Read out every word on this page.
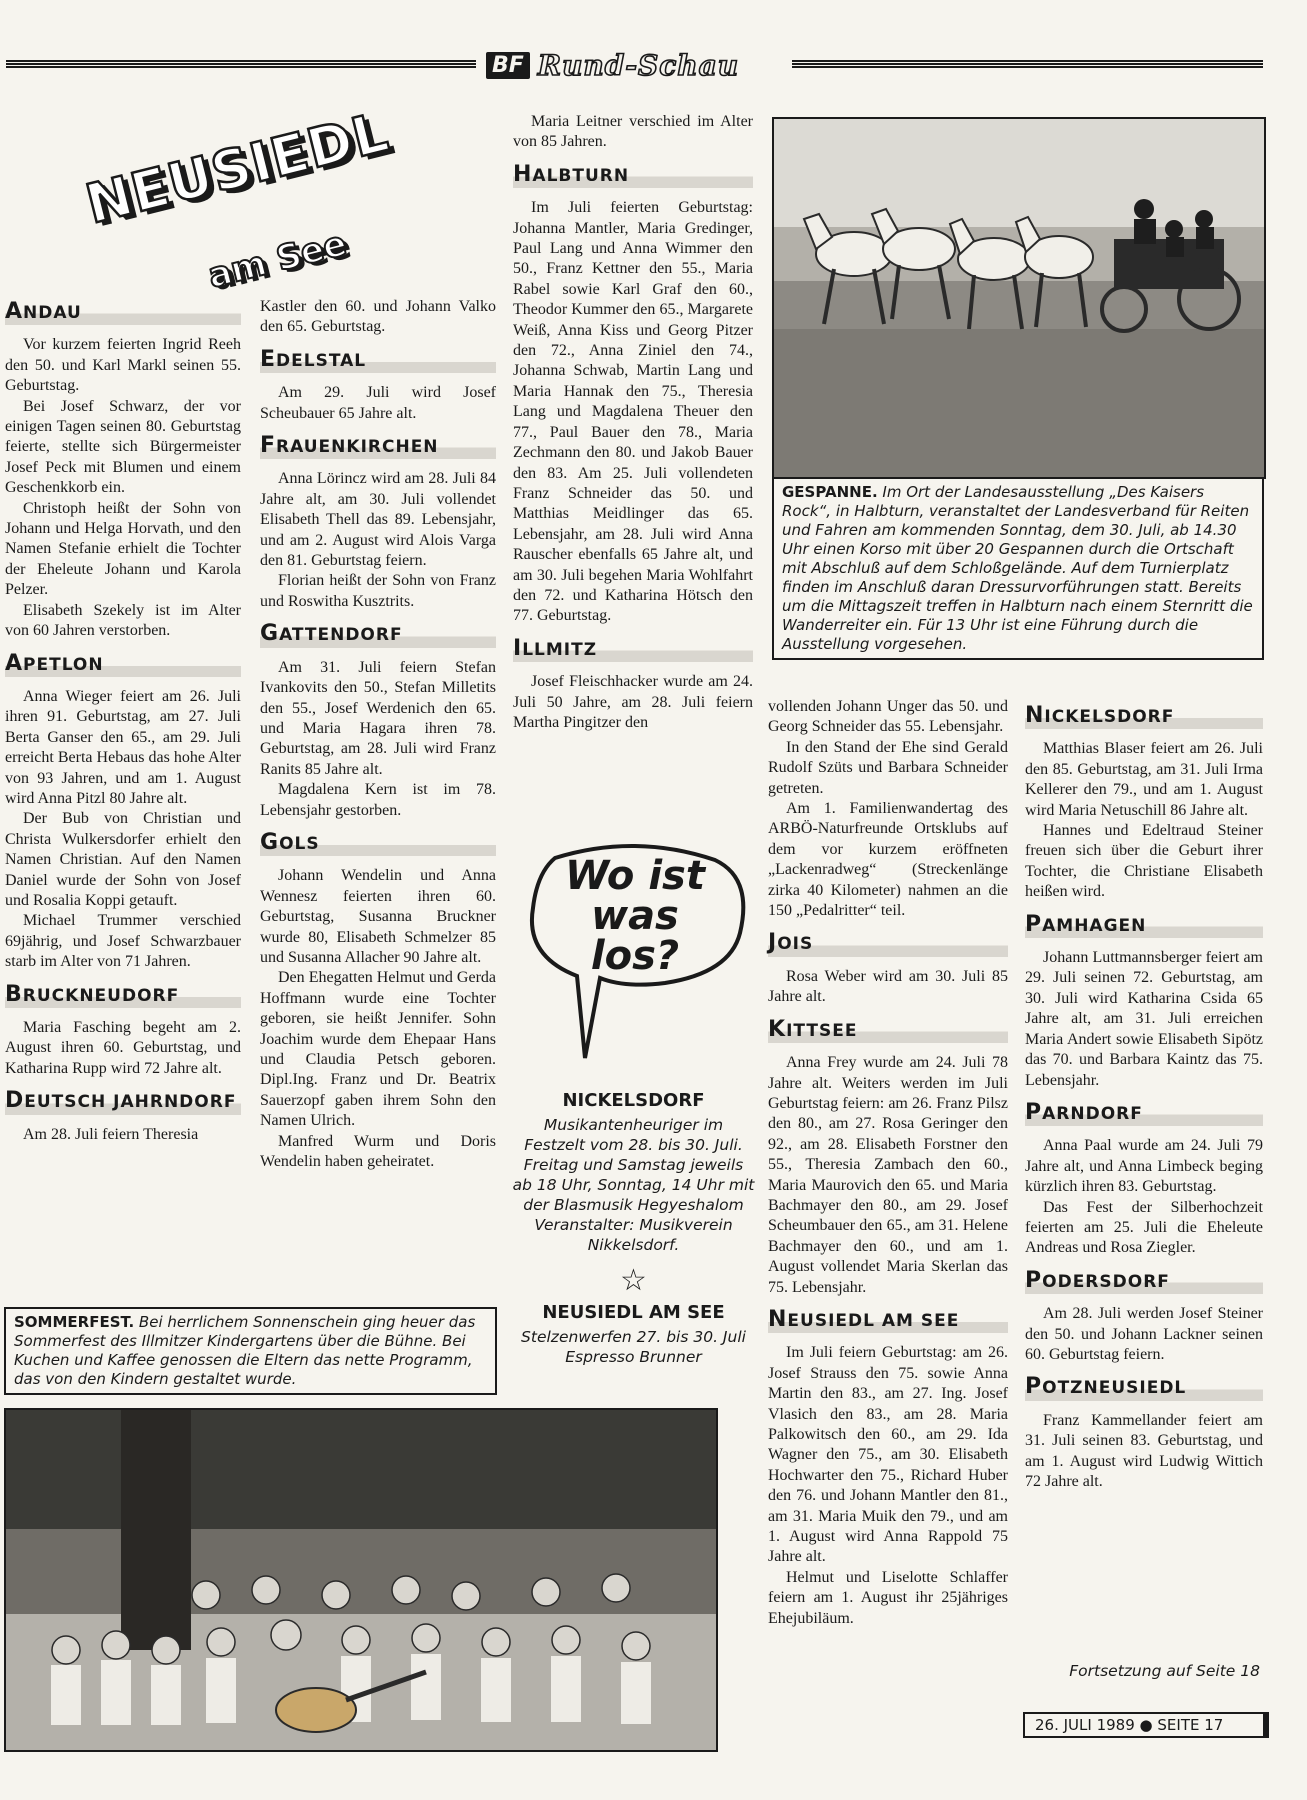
BF Rund-Schau
NEUSIEDL
am See
ANDAU

Vor kurzem feierten Ingrid Reeh den 50. und Karl Markl seinen 55. Geburtstag.

Bei Josef Schwarz, der vor einigen Tagen seinen 80. Geburtstag feierte, stellte sich Bürgermeister Josef Peck mit Blumen und einem Geschenkkorb ein.

Christoph heißt der Sohn von Johann und Helga Horvath, und den Namen Stefanie erhielt die Tochter der Eheleute Johann und Karola Pelzer.

Elisabeth Szekely ist im Alter von 60 Jahren verstorben.

APETLON

Anna Wieger feiert am 26. Juli ihren 91. Geburtstag, am 27. Juli Berta Ganser den 65., am 29. Juli erreicht Berta Hebaus das hohe Alter von 93 Jahren, und am 1. August wird Anna Pitzl 80 Jahre alt.

Der Bub von Christian und Christa Wulkersdorfer erhielt den Namen Christian. Auf den Namen Daniel wurde der Sohn von Josef und Rosalia Koppi getauft.

Michael Trummer verschied 69jährig, und Josef Schwarzbauer starb im Alter von 71 Jahren.

BRUCKNEUDORF

Maria Fasching begeht am 2. August ihren 60. Geburtstag, und Katharina Rupp wird 72 Jahre alt.

DEUTSCH JAHRNDORF

Am 28. Juli feiern Theresia

Kastler den 60. und Johann Valko den 65. Geburtstag.

EDELSTAL

Am 29. Juli wird Josef Scheubauer 65 Jahre alt.

FRAUENKIRCHEN

Anna Lörincz wird am 28. Juli 84 Jahre alt, am 30. Juli vollendet Elisabeth Thell das 89. Lebensjahr, und am 2. August wird Alois Varga den 81. Geburtstag feiern.

Florian heißt der Sohn von Franz und Roswitha Kusztrits.

GATTENDORF

Am 31. Juli feiern Stefan Ivankovits den 50., Stefan Milletits den 55., Josef Werdenich den 65. und Maria Hagara ihren 78. Geburtstag, am 28. Juli wird Franz Ranits 85 Jahre alt.

Magdalena Kern ist im 78. Lebensjahr gestorben.

GOLS

Johann Wendelin und Anna Wennesz feierten ihren 60. Geburtstag, Susanna Bruckner wurde 80, Elisabeth Schmelzer 85 und Susanna Allacher 90 Jahre alt.

Den Ehegatten Helmut und Gerda Hoffmann wurde eine Tochter geboren, sie heißt Jennifer. Sohn Joachim wurde dem Ehepaar Hans und Claudia Petsch geboren. Dipl.Ing. Franz und Dr. Beatrix Sauerzopf gaben ihrem Sohn den Namen Ulrich.

Manfred Wurm und Doris Wendelin haben geheiratet.

Maria Leitner verschied im Alter von 85 Jahren.

HALBTURN

Im Juli feierten Geburtstag: Johanna Mantler, Maria Gredinger, Paul Lang und Anna Wimmer den 50., Franz Kettner den 55., Maria Rabel sowie Karl Graf den 60., Theodor Kummer den 65., Margarete Weiß, Anna Kiss und Georg Pitzer den 72., Anna Ziniel den 74., Johanna Schwab, Martin Lang und Maria Hannak den 75., Theresia Lang und Magdalena Theuer den 77., Paul Bauer den 78., Maria Zechmann den 80. und Jakob Bauer den 83. Am 25. Juli vollendeten Franz Schneider das 50. und Matthias Meidlinger das 65. Lebensjahr, am 28. Juli wird Anna Rauscher ebenfalls 65 Jahre alt, und am 30. Juli begehen Maria Wohlfahrt den 72. und Katharina Hötsch den 77. Geburtstag.

ILLMITZ

Josef Fleischhacker wurde am 24. Juli 50 Jahre, am 28. Juli feiern Martha Pingitzer den

vollenden Johann Unger das 50. und Georg Schneider das 55. Lebensjahr.

In den Stand der Ehe sind Gerald Rudolf Szüts und Barbara Schneider getreten.

Am 1. Familienwandertag des ARBÖ-Naturfreunde Ortsklubs auf dem vor kurzem eröffneten „Lackenradweg“ (Streckenlänge zirka 40 Kilometer) nahmen an die 150 „Pedalritter“ teil.

JOIS

Rosa Weber wird am 30. Juli 85 Jahre alt.

KITTSEE

Anna Frey wurde am 24. Juli 78 Jahre alt. Weiters werden im Juli Geburtstag feiern: am 26. Franz Pilsz den 80., am 27. Rosa Geringer den 92., am 28. Elisabeth Forstner den 55., Theresia Zambach den 60., Maria Maurovich den 65. und Maria Bachmayer den 80., am 29. Josef Scheumbauer den 65., am 31. Helene Bachmayer den 60., und am 1. August vollendet Maria Skerlan das 75. Lebensjahr.

NEUSIEDL AM SEE

Im Juli feiern Geburtstag: am 26. Josef Strauss den 75. sowie Anna Martin den 83., am 27. Ing. Josef Vlasich den 83., am 28. Maria Palkowitsch den 60., am 29. Ida Wagner den 75., am 30. Elisabeth Hochwarter den 75., Richard Huber den 76. und Johann Mantler den 81., am 31. Maria Muik den 79., und am 1. August wird Anna Rappold 75 Jahre alt.

Helmut und Liselotte Schlaffer feiern am 1. August ihr 25jähriges Ehejubiläum.

NICKELSDORF

Matthias Blaser feiert am 26. Juli den 85. Geburtstag, am 31. Juli Irma Kellerer den 79., und am 1. August wird Maria Netuschill 86 Jahre alt.

Hannes und Edeltraud Steiner freuen sich über die Geburt ihrer Tochter, die Christiane Elisabeth heißen wird.

PAMHAGEN

Johann Luttmannsberger feiert am 29. Juli seinen 72. Geburtstag, am 30. Juli wird Katharina Csida 65 Jahre alt, am 31. Juli erreichen Maria Andert sowie Elisabeth Sipötz das 70. und Barbara Kaintz das 75. Lebensjahr.

PARNDORF

Anna Paal wurde am 24. Juli 79 Jahre alt, und Anna Limbeck beging kürzlich ihren 83. Geburtstag.

Das Fest der Silberhochzeit feierten am 25. Juli die Eheleute Andreas und Rosa Ziegler.

PODERSDORF

Am 28. Juli werden Josef Steiner den 50. und Johann Lackner seinen 60. Geburtstag feiern.

POTZNEUSIEDL

Franz Kammellander feiert am 31. Juli seinen 83. Geburtstag, und am 1. August wird Ludwig Wittich 72 Jahre alt.

GESPANNE. Im Ort der Landesausstellung „Des Kaisers Rock“, in Halbturn, veranstaltet der Landesverband für Reiten und Fahren am kommenden Sonntag, dem 30. Juli, ab 14.30 Uhr einen Korso mit über 20 Gespannen durch die Ortschaft mit Abschluß auf dem Schloßgelände. Auf dem Turnierplatz finden im Anschluß daran Dressurvorführungen statt. Bereits um die Mittagszeit treffen in Halbturn nach einem Sternritt die Wanderreiter ein. Für 13 Uhr ist eine Führung durch die Ausstellung vorgesehen.
Wo ist was los?
NICKELSDORF
Musikantenheuriger im Festzelt vom 28. bis 30. Juli. Freitag und Samstag jeweils ab 18 Uhr, Sonntag, 14 Uhr mit der Blasmusik Hegyeshalom Veranstalter: Musikverein Nikkelsdorf.
☆
NEUSIEDL AM SEE
Stelzenwerfen 27. bis 30. Juli Espresso Brunner
SOMMERFEST. Bei herrlichem Sonnenschein ging heuer das Sommerfest des Illmitzer Kindergartens über die Bühne. Bei Kuchen und Kaffee genossen die Eltern das nette Programm, das von den Kindern gestaltet wurde.
Fortsetzung auf Seite 18
26. JULI 1989 ● SEITE 17
